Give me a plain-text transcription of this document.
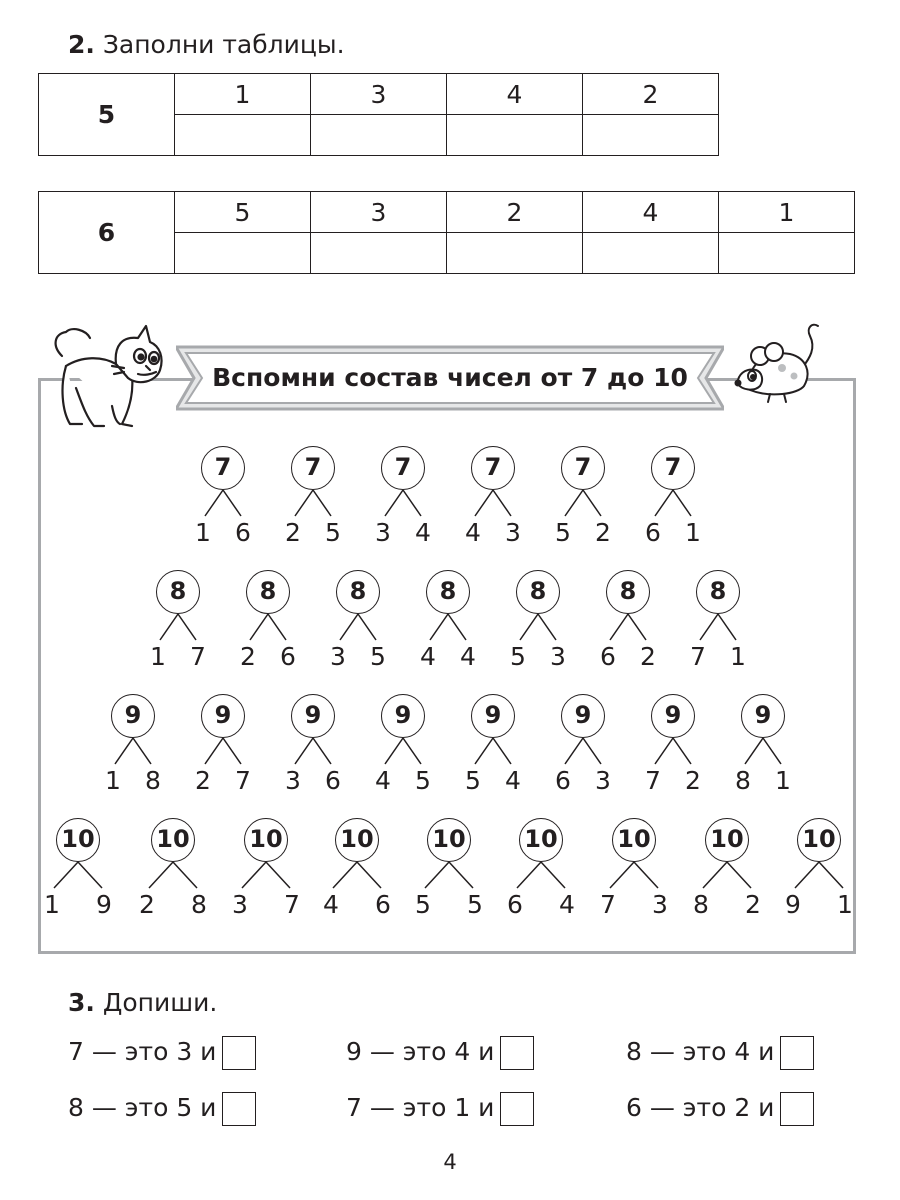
2. Заполни таблицы.
5	1	3	4	2

6	5	3	2	4	1

Вспомни состав чисел от 7 до 10
7
1 6
7
2 5
7
3 4
7
4 3
7
5 2
7
6 1
8
1 7
8
2 6
8
3 5
8
4 4
8
5 3
8
6 2
8
7 1
9
1 8
9
2 7
9
3 6
9
4 5
9
5 4
9
6 3
9
7 2
9
8 1
10
1 9
10
2 8
10
3 7
10
4 6
10
5 5
10
6 4
10
7 3
10
8 2
10
9 1
3. Допиши.
7 — это 3 и	9 — это 4 и	8 — это 4 и
8 — это 5 и	7 — это 1 и	6 — это 2 и
4
